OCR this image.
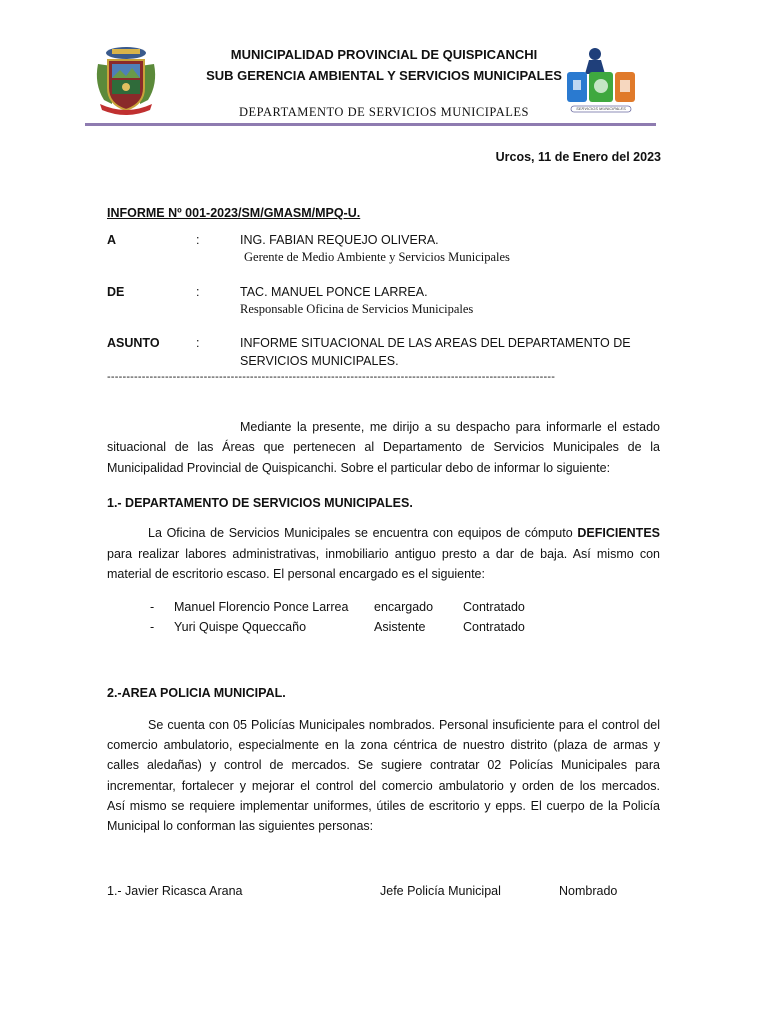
SERVICIOS MUNICIPALES
MUNICIPALIDAD PROVINCIAL DE QUISPICANCHI
SUB GERENCIA AMBIENTAL Y SERVICIOS MUNICIPALES
DEPARTAMENTO DE SERVICIOS MUNICIPALES
Urcos, 11 de Enero del 2023
INFORME Nº 001-2023/SM/GMASM/MPQ-U.
A	:	ING. FABIAN REQUEJO OLIVERA.
Gerente de Medio Ambiente y Servicios Municipales
DE	:	TAC. MANUEL PONCE LARREA.
Responsable Oficina de Servicios Municipales
ASUNTO	:	INFORME SITUACIONAL DE LAS AREAS DEL DEPARTAMENTO DE
SERVICIOS MUNICIPALES.
--------------------------------------------------------------------------------------------------------------------
Mediante la presente, me dirijo a su despacho para informarle el estado
situacional de las Áreas que pertenecen al Departamento de Servicios Municipales de la
Municipalidad Provincial de Quispicanchi. Sobre el particular debo de informar lo siguiente:
1.- DEPARTAMENTO DE SERVICIOS MUNICIPALES.
La Oficina de Servicios Municipales se encuentra con equipos de cómputo DEFICIENTES
para realizar labores administrativas, inmobiliario antiguo presto a dar de baja. Así mismo con
material de escritorio escaso. El personal encargado es el siguiente:
- Manuel Florencio Ponce Larrea encargado Contratado
- Yuri Quispe Qqueccaño	Asistente	Contratado
2.-AREA POLICIA MUNICIPAL.
Se cuenta con 05 Policías Municipales nombrados. Personal insuficiente para el control del
comercio ambulatorio, especialmente en la zona céntrica de nuestro distrito (plaza de armas y
calles aledañas) y control de mercados. Se sugiere contratar 02 Policías Municipales para
incrementar, fortalecer y mejorar el control del comercio ambulatorio y orden de los mercados.
Así mismo se requiere implementar uniformes, útiles de escritorio y epps. El cuerpo de la Policía
Municipal lo conforman las siguientes personas:
1.- Javier Ricasca Arana	Jefe Policía Municipal	Nombrado
